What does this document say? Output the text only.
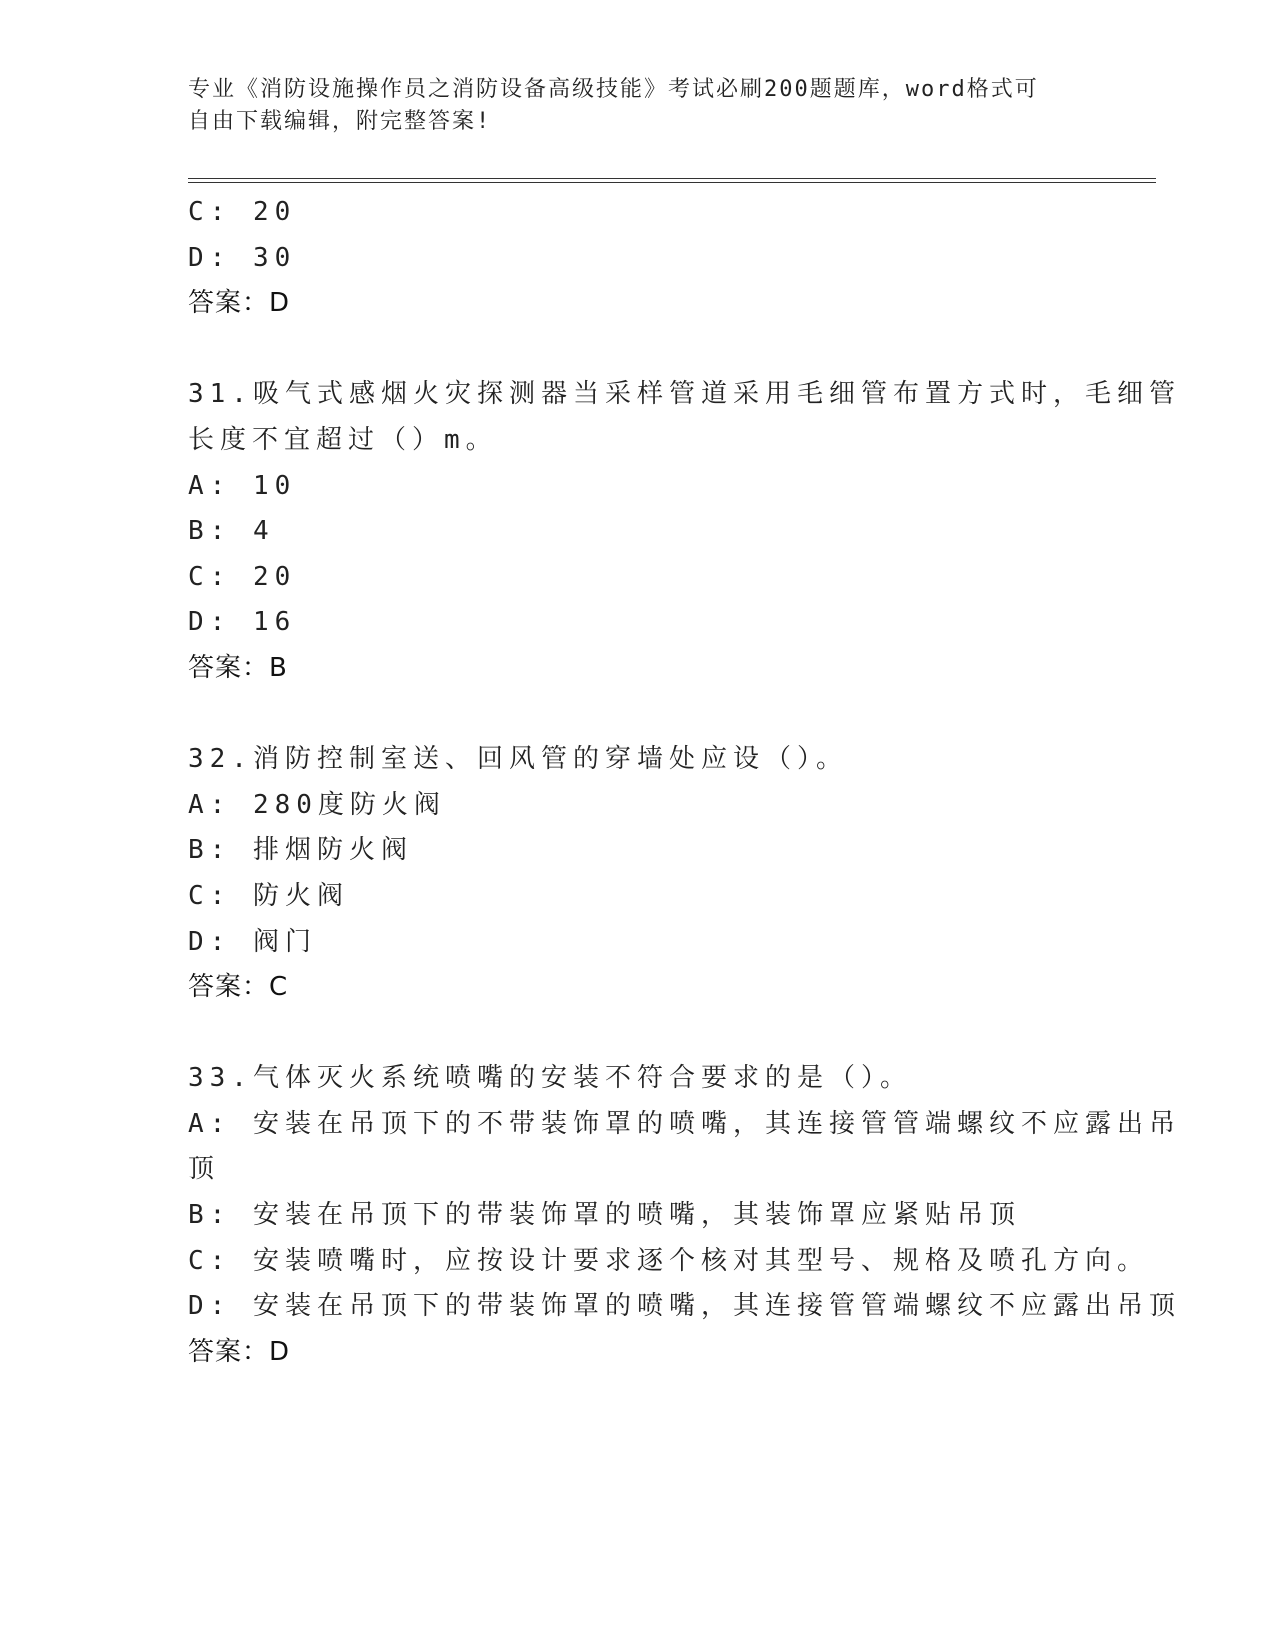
专业《消防设施操作员之消防设备高级技能》考试必刷200题题库，word格式可
自由下载编辑，附完整答案!
C: 20
D: 30
答案：D
31.吸气式感烟火灾探测器当采样管道采用毛细管布置方式时，毛细管
长度不宜超过（）m。
A: 10
B: 4
C: 20
D: 16
答案：B
32.消防控制室送、回风管的穿墙处应设（）。
A: 280度防火阀
B: 排烟防火阀
C: 防火阀
D: 阀门
答案：C
33.气体灭火系统喷嘴的安装不符合要求的是（）。
A: 安装在吊顶下的不带装饰罩的喷嘴，其连接管管端螺纹不应露出吊
顶
B: 安装在吊顶下的带装饰罩的喷嘴，其装饰罩应紧贴吊顶
C: 安装喷嘴时，应按设计要求逐个核对其型号、规格及喷孔方向。
D: 安装在吊顶下的带装饰罩的喷嘴，其连接管管端螺纹不应露出吊顶
答案：D
